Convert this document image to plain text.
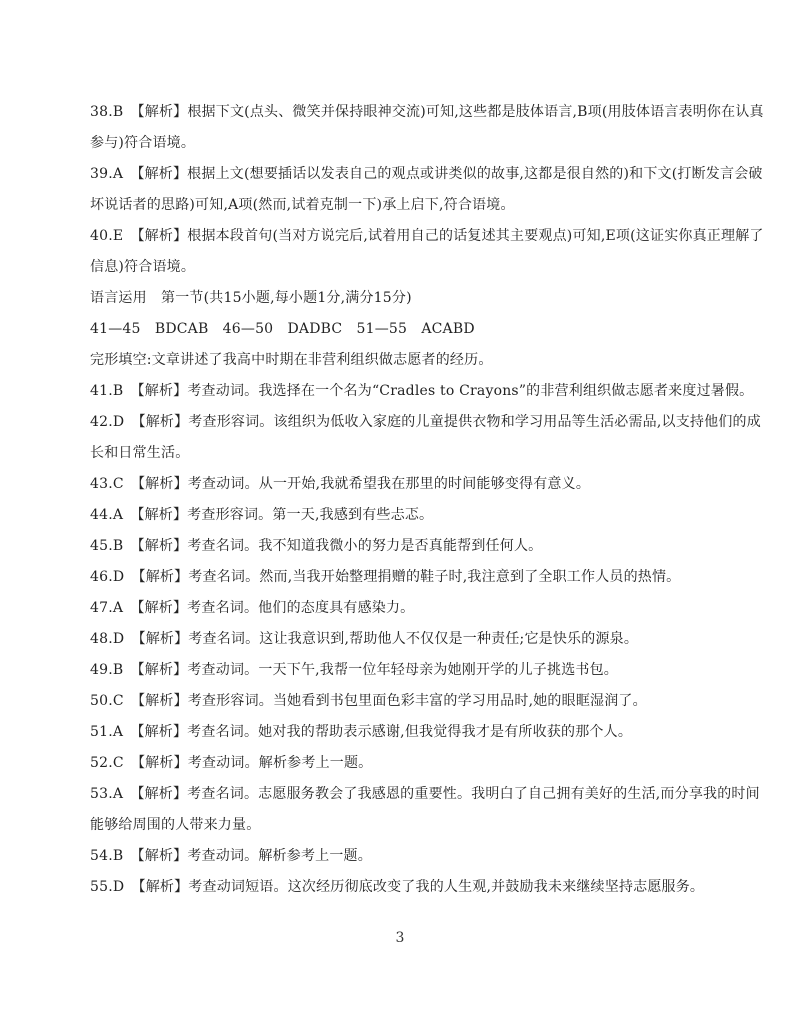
38.B　【解析】根据下文(点头、微笑并保持眼神交流)可知,这些都是肢体语言,B项(用肢体语言表明你在认真
参与)符合语境。
39.A　【解析】根据上文(想要插话以发表自己的观点或讲类似的故事,这都是很自然的)和下文(打断发言会破
坏说话者的思路)可知,A项(然而,试着克制一下)承上启下,符合语境。
40.E　【解析】根据本段首句(当对方说完后,试着用自己的话复述其主要观点)可知,E项(这证实你真正理解了
信息)符合语境。
语言运用　第一节(共15小题,每小题1分,满分15分)
41—45　BDCAB　46—50　DADBC　51—55　ACABD
完形填空:文章讲述了我高中时期在非营利组织做志愿者的经历。
41.B　【解析】考查动词。我选择在一个名为“Cradles to Crayons”的非营利组织做志愿者来度过暑假。
42.D　【解析】考查形容词。该组织为低收入家庭的儿童提供衣物和学习用品等生活必需品,以支持他们的成
长和日常生活。
43.C　【解析】考查动词。从一开始,我就希望我在那里的时间能够变得有意义。
44.A　【解析】考查形容词。第一天,我感到有些忐忑。
45.B　【解析】考查名词。我不知道我微小的努力是否真能帮到任何人。
46.D　【解析】考查名词。然而,当我开始整理捐赠的鞋子时,我注意到了全职工作人员的热情。
47.A　【解析】考查名词。他们的态度具有感染力。
48.D　【解析】考查名词。这让我意识到,帮助他人不仅仅是一种责任;它是快乐的源泉。
49.B　【解析】考查动词。一天下午,我帮一位年轻母亲为她刚开学的儿子挑选书包。
50.C　【解析】考查形容词。当她看到书包里面色彩丰富的学习用品时,她的眼眶湿润了。
51.A　【解析】考查名词。她对我的帮助表示感谢,但我觉得我才是有所收获的那个人。
52.C　【解析】考查动词。解析参考上一题。
53.A　【解析】考查名词。志愿服务教会了我感恩的重要性。我明白了自己拥有美好的生活,而分享我的时间
能够给周围的人带来力量。
54.B　【解析】考查动词。解析参考上一题。
55.D　【解析】考查动词短语。这次经历彻底改变了我的人生观,并鼓励我未来继续坚持志愿服务。
3
